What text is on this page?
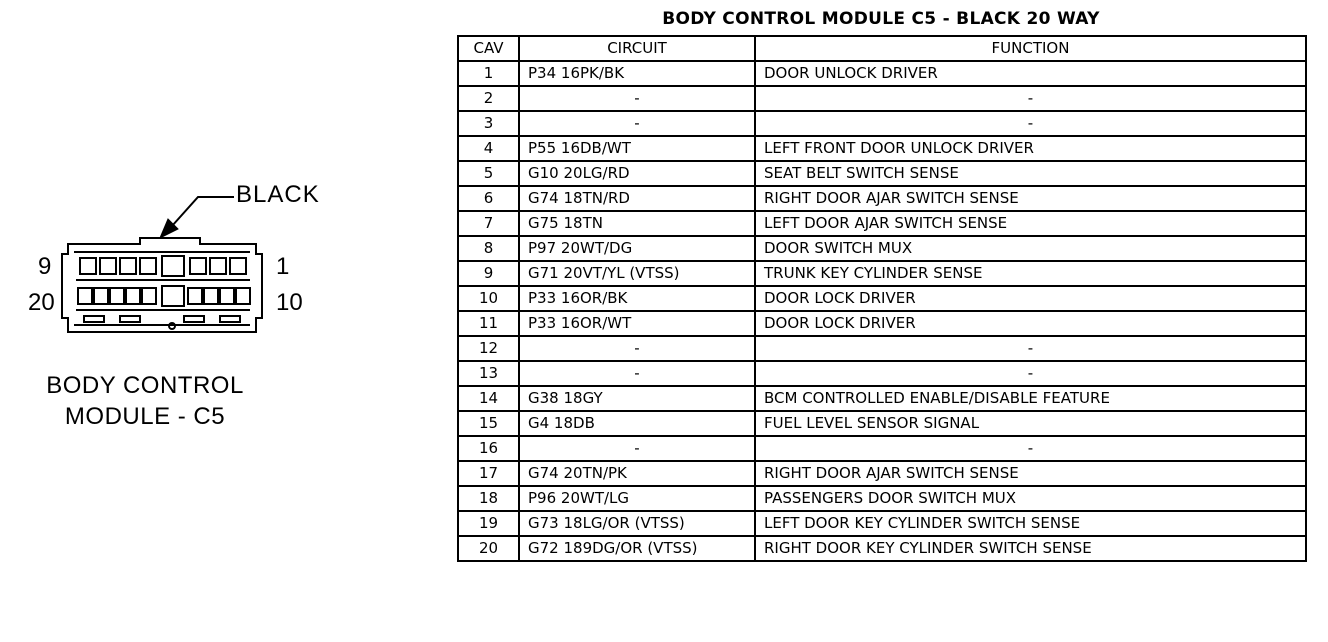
BLACK
9	1
20	10
BODY CONTROL
MODULE - C5
BODY CONTROL MODULE C5 - BLACK 20 WAY
CAV	CIRCUIT	FUNCTION
1	P34 16PK/BK	DOOR UNLOCK DRIVER
2	-	-
3	-	-
4	P55 16DB/WT	LEFT FRONT DOOR UNLOCK DRIVER
5	G10 20LG/RD	SEAT BELT SWITCH SENSE
6	G74 18TN/RD	RIGHT DOOR AJAR SWITCH SENSE
7	G75 18TN	LEFT DOOR AJAR SWITCH SENSE
8	P97 20WT/DG	DOOR SWITCH MUX
9	G71 20VT/YL (VTSS)	TRUNK KEY CYLINDER SENSE
10	P33 16OR/BK	DOOR LOCK DRIVER
11	P33 16OR/WT	DOOR LOCK DRIVER
12	-	-
13	-	-
14	G38 18GY	BCM CONTROLLED ENABLE/DISABLE FEATURE
15	G4 18DB	FUEL LEVEL SENSOR SIGNAL
16	-	-
17	G74 20TN/PK	RIGHT DOOR AJAR SWITCH SENSE
18	P96 20WT/LG	PASSENGERS DOOR SWITCH MUX
19	G73 18LG/OR (VTSS)	LEFT DOOR KEY CYLINDER SWITCH SENSE
20	G72 189DG/OR (VTSS)	RIGHT DOOR KEY CYLINDER SWITCH SENSE
